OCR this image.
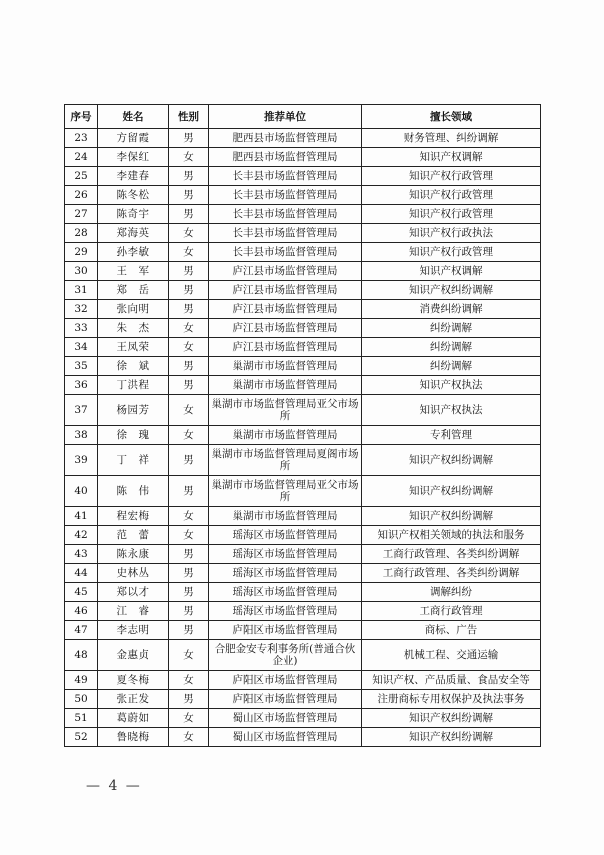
序号	姓名	性别	推荐单位	擅长领域
23	方留霞	男	肥西县市场监督管理局	财务管理、纠纷调解
24	李保红	女	肥西县市场监督管理局	知识产权调解
25	李建春	男	长丰县市场监督管理局	知识产权行政管理
26	陈冬松	男	长丰县市场监督管理局	知识产权行政管理
27	陈奇宇	男	长丰县市场监督管理局	知识产权行政管理
28	郑海英	女	长丰县市场监督管理局	知识产权行政执法
29	孙李敏	女	长丰县市场监督管理局	知识产权行政管理
30	王　军	男	庐江县市场监督管理局	知识产权调解
31	郑　岳	男	庐江县市场监督管理局	知识产权纠纷调解
32	张向明	男	庐江县市场监督管理局	消费纠纷调解
33	朱　杰	女	庐江县市场监督管理局	纠纷调解
34	王凤荣	女	庐江县市场监督管理局	纠纷调解
35	徐　斌	男	巢湖市市场监督管理局	纠纷调解
36	丁洪程	男	巢湖市市场监督管理局	知识产权执法
37	杨园芳	女	巢湖市市场监督管理局亚父市场所	知识产权执法
38	徐　瑰	女	巢湖市市场监督管理局	专利管理
39	丁　祥	男	巢湖市市场监督管理局夏阁市场所	知识产权纠纷调解
40	陈　伟	男	巢湖市市场监督管理局亚父市场所	知识产权纠纷调解
41	程宏梅	女	巢湖市市场监督管理局	知识产权纠纷调解
42	范　蕾	女	瑶海区市场监督管理局	知识产权相关领域的执法和服务
43	陈永康	男	瑶海区市场监督管理局	工商行政管理、各类纠纷调解
44	史林丛	男	瑶海区市场监督管理局	工商行政管理、各类纠纷调解
45	郑以才	男	瑶海区市场监督管理局	调解纠纷
46	江　睿	男	瑶海区市场监督管理局	工商行政管理
47	李志明	男	庐阳区市场监督管理局	商标、广告
48	金惠贞	女	合肥金安专利事务所(普通合伙企业)	机械工程、交通运输
49	夏冬梅	女	庐阳区市场监督管理局	知识产权、产品质量、食品安全等
50	张正发	男	庐阳区市场监督管理局	注册商标专用权保护及执法事务
51	葛蔚如	女	蜀山区市场监督管理局	知识产权纠纷调解
52	鲁晓梅	女	蜀山区市场监督管理局	知识产权纠纷调解
— 4 —
